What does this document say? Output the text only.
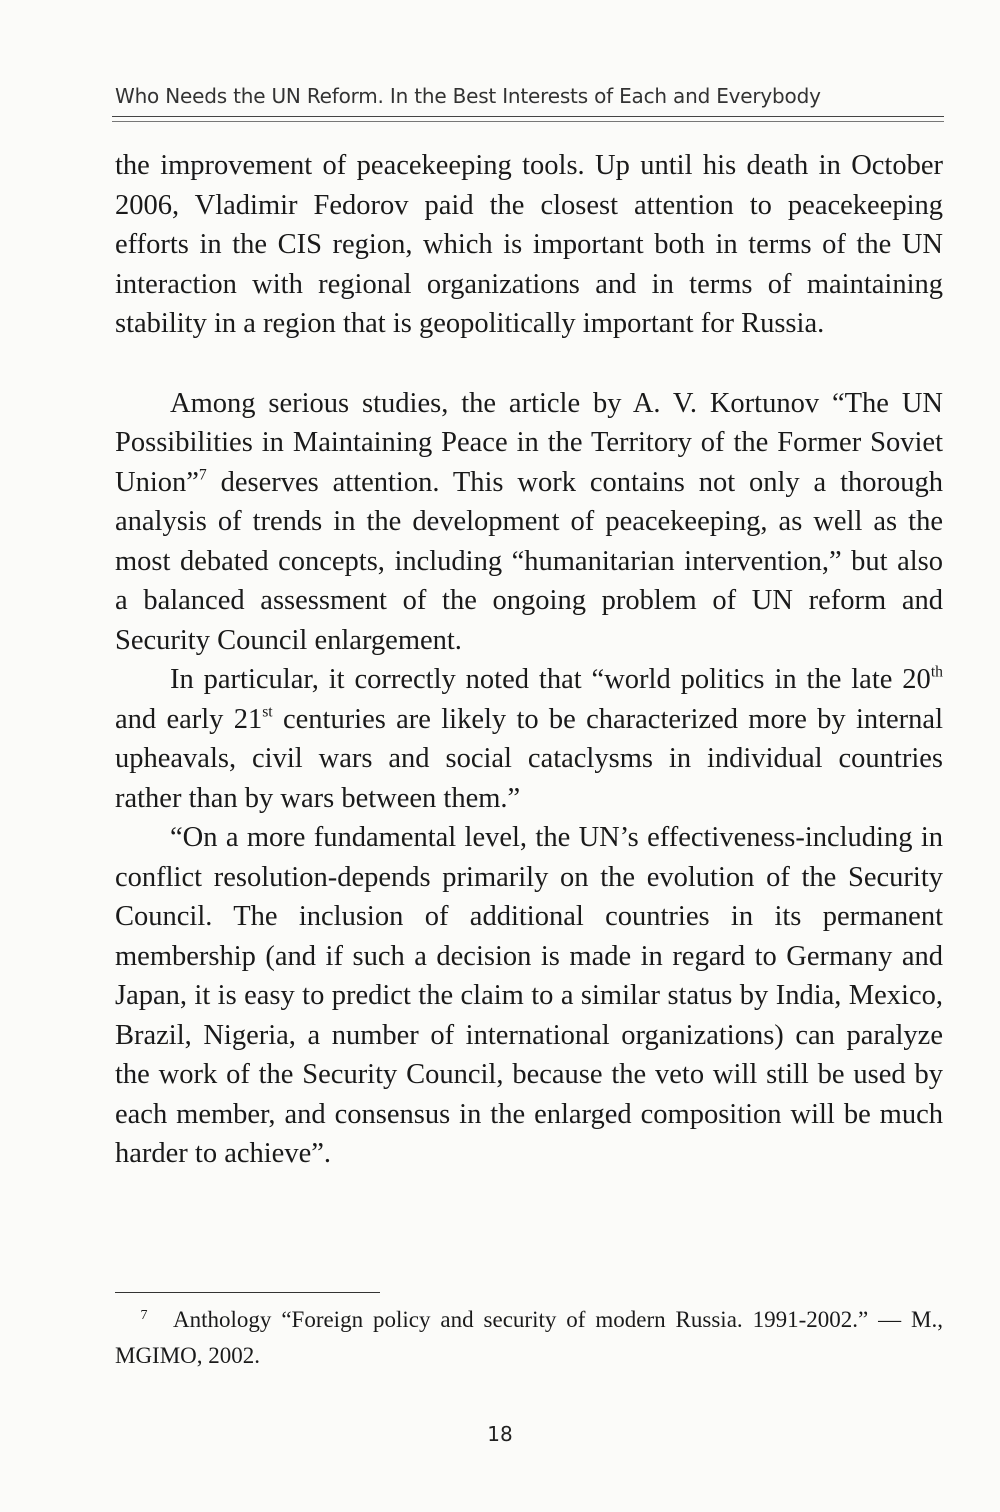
Who Needs the UN Reform. In the Best Interests of Each and Everybody

the improvement of peacekeeping tools. Up until his death in October 2006, Vladimir Fedorov paid the closest attention to peacekeeping efforts in the CIS region, which is important both in terms of the UN interaction with regional organizations and in terms of maintaining stability in a region that is geopolitically important for Russia.

Among serious studies, the article by A. V. Kortunov “The UN Possibilities in Maintaining Peace in the Territory of the Former Soviet Union”$^7$ deserves attention. This work contains not only a thorough analysis of trends in the development of peacekeeping, as well as the most debated concepts, including “humanitarian intervention,” but also a balanced assessment of the ongoing problem of UN reform and Security Council enlargement.

In particular, it correctly noted that “world politics in the late 20th and early 21st centuries are likely to be characterized more by internal upheavals, civil wars and social cataclysms in individual countries rather than by wars between them.”

“On a more fundamental level, the UN’s effectiveness-including in conflict resolution-depends primarily on the evolution of the Security Council. The inclusion of additional countries in its permanent membership (and if such a decision is made in regard to Germany and Japan, it is easy to predict the claim to a similar status by India, Mexico, Brazil, Nigeria, a number of international organizations) can paralyze the work of the Security Council, because the veto will still be used by each member, and consensus in the enlarged composition will be much harder to achieve”.

7 Anthology “Foreign policy and security of modern Russia. 1991-2002.” — M., MGIMO, 2002.
18
